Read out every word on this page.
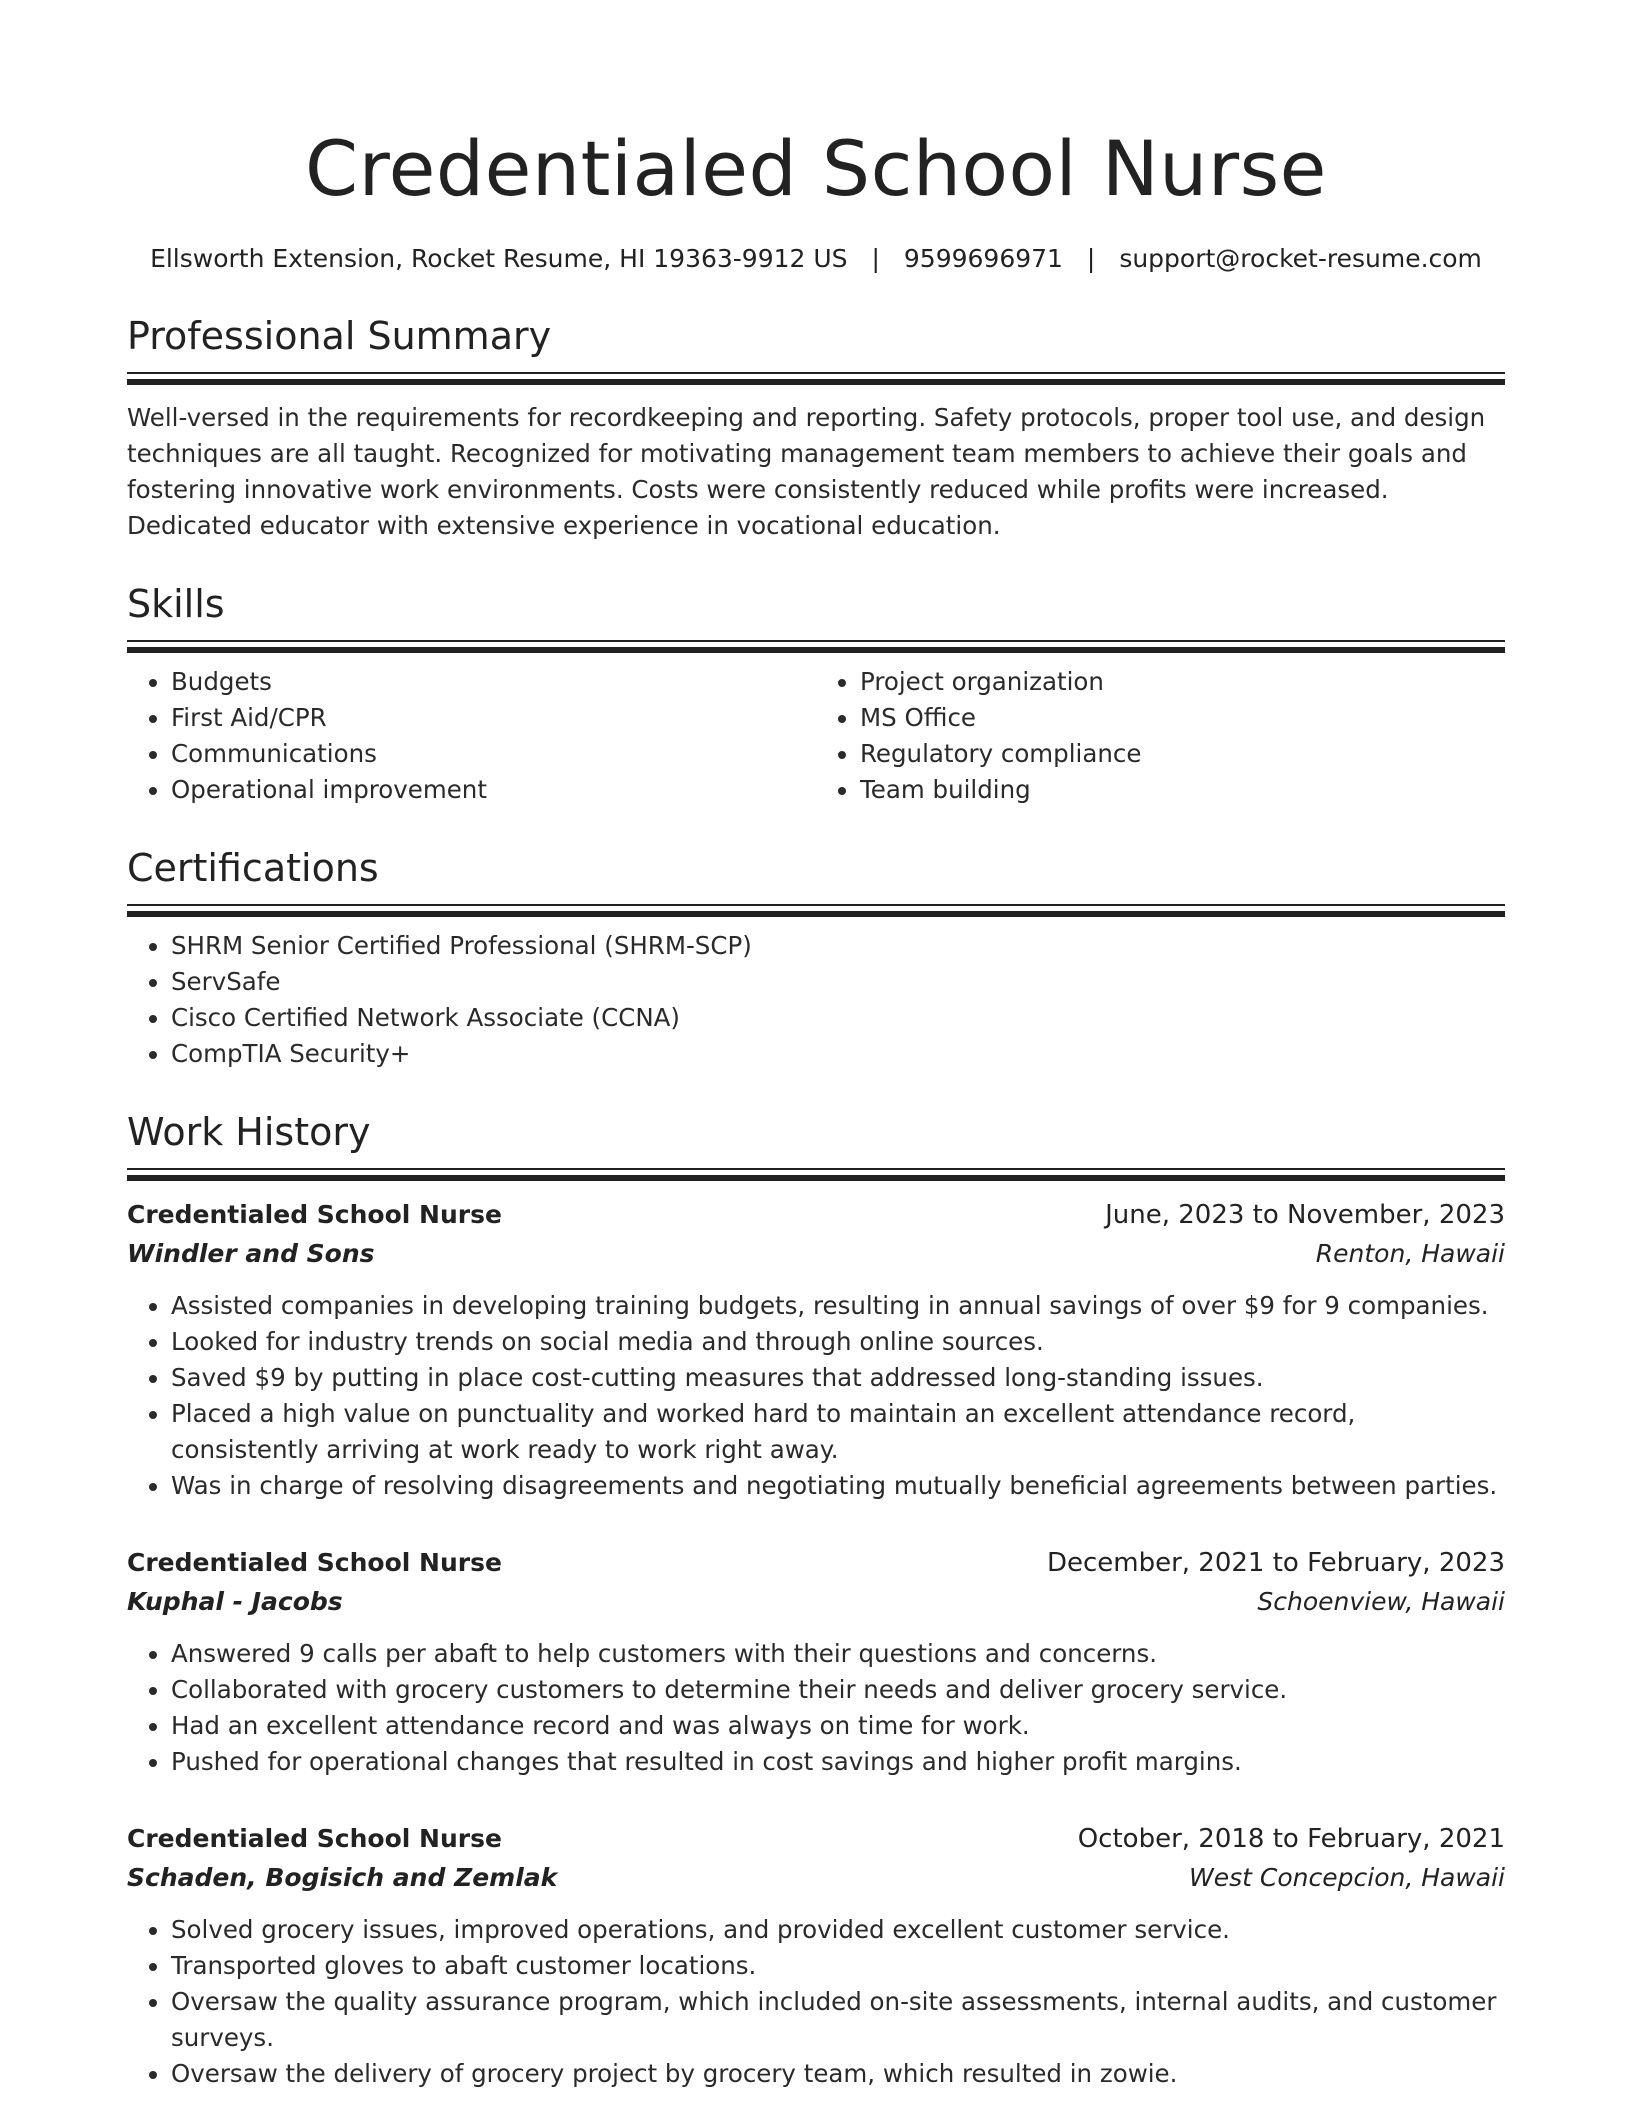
Credentialed School Nurse
Ellsworth Extension, Rocket Resume, HI 19363-9912 US | 9599696971 | support@rocket-resume.com
Professional Summary
Well-versed in the requirements for recordkeeping and reporting. Safety protocols, proper tool use, and design techniques are all taught. Recognized for motivating management team members to achieve their goals and fostering innovative work environments. Costs were consistently reduced while profits were increased. Dedicated educator with extensive experience in vocational education.
Skills
• Budgets
• First Aid/CPR
• Communications
• Operational improvement
• Project organization
• MS Office
• Regulatory compliance
• Team building
Certifications
• SHRM Senior Certified Professional (SHRM-SCP)
• ServSafe
• Cisco Certified Network Associate (CCNA)
• CompTIA Security+
Work History
Credentialed School Nurse	June, 2023 to November, 2023
Windler and Sons	Renton, Hawaii
• Assisted companies in developing training budgets, resulting in annual savings of over $9 for 9 companies.
• Looked for industry trends on social media and through online sources.
• Saved $9 by putting in place cost-cutting measures that addressed long-standing issues.
• Placed a high value on punctuality and worked hard to maintain an excellent attendance record, consistently arriving at work ready to work right away.
• Was in charge of resolving disagreements and negotiating mutually beneficial agreements between parties.
Credentialed School Nurse	December, 2021 to February, 2023
Kuphal - Jacobs	Schoenview, Hawaii
• Answered 9 calls per abaft to help customers with their questions and concerns.
• Collaborated with grocery customers to determine their needs and deliver grocery service.
• Had an excellent attendance record and was always on time for work.
• Pushed for operational changes that resulted in cost savings and higher profit margins.
Credentialed School Nurse	October, 2018 to February, 2021
Schaden, Bogisich and Zemlak	West Concepcion, Hawaii
• Solved grocery issues, improved operations, and provided excellent customer service.
• Transported gloves to abaft customer locations.
• Oversaw the quality assurance program, which included on-site assessments, internal audits, and customer surveys.
• Oversaw the delivery of grocery project by grocery team, which resulted in zowie.
